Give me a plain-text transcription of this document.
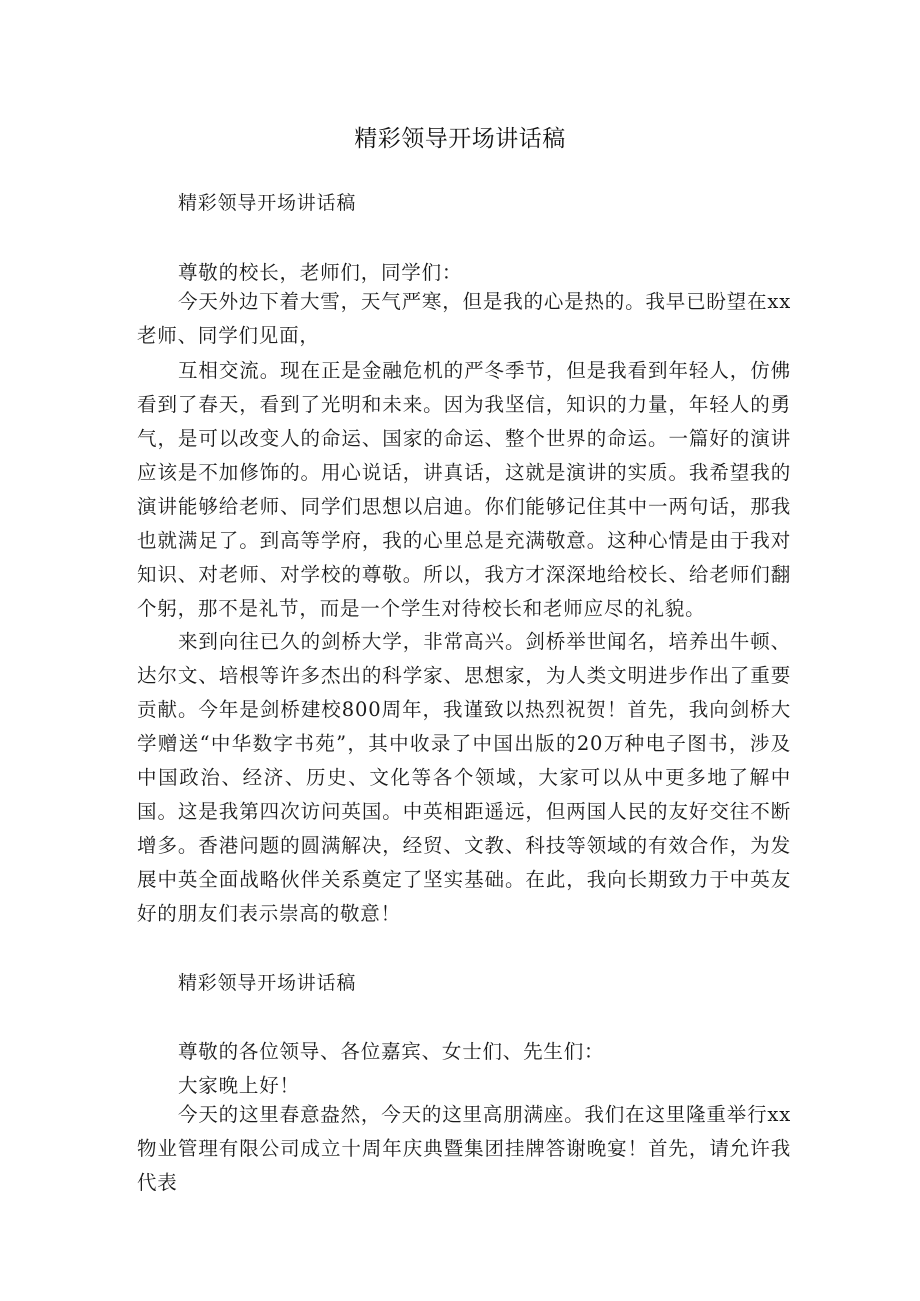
精彩领导开场讲话稿
精彩领导开场讲话稿
尊敬的校长，老师们，同学们：

今天外边下着大雪，天气严寒，但是我的心是热的。我早已盼望在xx老师、同学们见面，

互相交流。现在正是金融危机的严冬季节，但是我看到年轻人，仿佛看到了春天，看到了光明和未来。因为我坚信，知识的力量，年轻人的勇气，是可以改变人的命运、国家的命运、整个世界的命运。一篇好的演讲应该是不加修饰的。用心说话，讲真话，这就是演讲的实质。我希望我的演讲能够给老师、同学们思想以启迪。你们能够记住其中一两句话，那我也就满足了。到高等学府，我的心里总是充满敬意。这种心情是由于我对知识、对老师、对学校的尊敬。所以，我方才深深地给校长、给老师们翻个躬，那不是礼节，而是一个学生对待校长和老师应尽的礼貌。

来到向往已久的剑桥大学，非常高兴。剑桥举世闻名，培养出牛顿、达尔文、培根等许多杰出的科学家、思想家，为人类文明进步作出了重要贡献。今年是剑桥建校800周年，我谨致以热烈祝贺！首先，我向剑桥大学赠送“中华数字书苑”，其中收录了中国出版的20万种电子图书，涉及中国政治、经济、历史、文化等各个领域，大家可以从中更多地了解中国。这是我第四次访问英国。中英相距遥远，但两国人民的友好交往不断增多。香港问题的圆满解决，经贸、文教、科技等领域的有效合作，为发展中英全面战略伙伴关系奠定了坚实基础。在此，我向长期致力于中英友好的朋友们表示崇高的敬意！

精彩领导开场讲话稿
尊敬的各位领导、各位嘉宾、女士们、先生们：
大家晚上好！

今天的这里春意盎然，今天的这里高朋满座。我们在这里隆重举行xx物业管理有限公司成立十周年庆典暨集团挂牌答谢晚宴！首先，请允许我代表
